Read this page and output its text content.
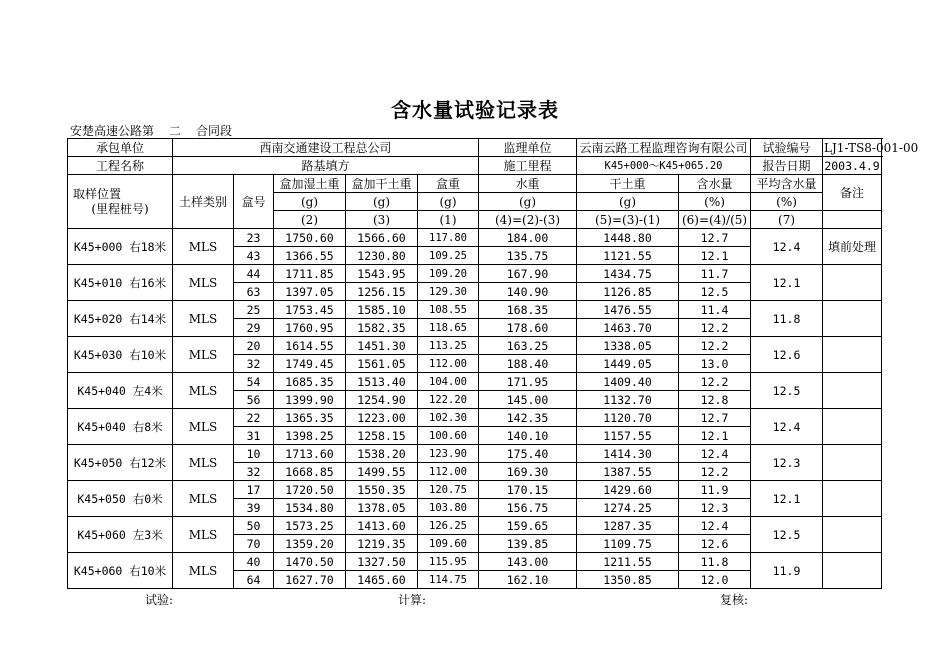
含水量试验记录表
安楚高速公路第 二 合同段
承包单位	西南交通建设工程总公司					监理单位	云南云路工程监理咨询有限公司		试验编号	LJ1-TS8-001-00
工程名称	路基填方					施工里程	K45+000～K45+065.20		报告日期	2003.4.9

取样位置
(里程桩号)	土样类别	盒号	盒加湿土重	盒加干土重	盒重	水重	干土重	含水量	平均含水量	备注
			(g)	(g)	(g)	(g)	(g)	(%)	(%)	
			(2)	(3)	(1)	(4)=(2)-(3)	(5)=(3)-(1)	(6)=(4)/(5)	(7)	
K45+000 右18米	MLS	23	1750.60	1566.60	117.80	184.00	1448.80	12.7	12.4	填前处理
		43	1366.55	1230.80	109.25	135.75	1121.55	12.1		
K45+010 右16米	MLS	44	1711.85	1543.95	109.20	167.90	1434.75	11.7	12.1	
		63	1397.05	1256.15	129.30	140.90	1126.85	12.5		
K45+020 右14米	MLS	25	1753.45	1585.10	108.55	168.35	1476.55	11.4	11.8	
		29	1760.95	1582.35	118.65	178.60	1463.70	12.2		
K45+030 右10米	MLS	20	1614.55	1451.30	113.25	163.25	1338.05	12.2	12.6	
		32	1749.45	1561.05	112.00	188.40	1449.05	13.0		
K45+040 左4米	MLS	54	1685.35	1513.40	104.00	171.95	1409.40	12.2	12.5	
		56	1399.90	1254.90	122.20	145.00	1132.70	12.8		
K45+040 右8米	MLS	22	1365.35	1223.00	102.30	142.35	1120.70	12.7	12.4	
		31	1398.25	1258.15	100.60	140.10	1157.55	12.1		
K45+050 右12米	MLS	10	1713.60	1538.20	123.90	175.40	1414.30	12.4	12.3	
		32	1668.85	1499.55	112.00	169.30	1387.55	12.2		
K45+050 右0米	MLS	17	1720.50	1550.35	120.75	170.15	1429.60	11.9	12.1	
		39	1534.80	1378.05	103.80	156.75	1274.25	12.3		
K45+060 左3米	MLS	50	1573.25	1413.60	126.25	159.65	1287.35	12.4	12.5	
		70	1359.20	1219.35	109.60	139.85	1109.75	12.6		
K45+060 右10米	MLS	40	1470.50	1327.50	115.95	143.00	1211.55	11.8	11.9	
		64	1627.70	1465.60	114.75	162.10	1350.85	12.0		
试验:	计算:	复核:
